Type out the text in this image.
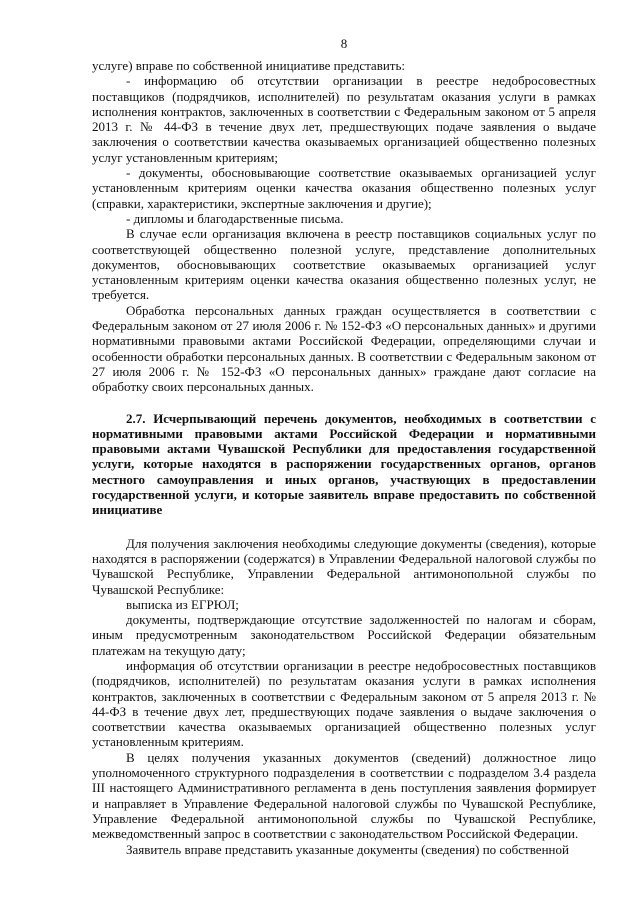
8

услуге) вправе по собственной инициативе представить:

- информацию об отсутствии организации в реестре недобросовестных поставщиков (подрядчиков, исполнителей) по результатам оказания услуги в рамках исполнения контрактов, заключенных в соответствии с Федеральным законом от 5 апреля 2013 г. № 44-ФЗ в течение двух лет, предшествующих подаче заявления о выдаче заключения о соответствии качества оказываемых организацией общественно полезных услуг установленным критериям;

- документы, обосновывающие соответствие оказываемых организацией услуг установленным критериям оценки качества оказания общественно полезных услуг (справки, характеристики, экспертные заключения и другие);

- дипломы и благодарственные письма.

В случае если организация включена в реестр поставщиков социальных услуг по соответствующей общественно полезной услуге, представление дополнительных документов, обосновывающих соответствие оказываемых организацией услуг установленным критериям оценки качества оказания общественно полезных услуг, не требуется.

Обработка персональных данных граждан осуществляется в соответствии с Федеральным законом от 27 июля 2006 г. № 152-ФЗ «О персональных данных» и другими нормативными правовыми актами Российской Федерации, определяющими случаи и особенности обработки персональных данных. В соответствии с Федеральным законом от 27 июля 2006 г. № 152-ФЗ «О персональных данных» граждане дают согласие на обработку своих персональных данных.

2.7. Исчерпывающий перечень документов, необходимых в соответствии с нормативными правовыми актами Российской Федерации и нормативными правовыми актами Чувашской Республики для предоставления государственной услуги, которые находятся в распоряжении государственных органов, органов местного самоуправления и иных органов, участвующих в предоставлении государственной услуги, и которые заявитель вправе предоставить по собственной инициативе

Для получения заключения необходимы следующие документы (сведения), которые находятся в распоряжении (содержатся) в Управлении Федеральной налоговой службы по Чувашской Республике, Управлении Федеральной антимонопольной службы по Чувашской Республике:

выписка из ЕГРЮЛ;

документы, подтверждающие отсутствие задолженностей по налогам и сборам, иным предусмотренным законодательством Российской Федерации обязательным платежам на текущую дату;

информация об отсутствии организации в реестре недобросовестных поставщиков (подрядчиков, исполнителей) по результатам оказания услуги в рамках исполнения контрактов, заключенных в соответствии с Федеральным законом от 5 апреля 2013 г. № 44-ФЗ в течение двух лет, предшествующих подаче заявления о выдаче заключения о соответствии качества оказываемых организацией общественно полезных услуг установленным критериям.

В целях получения указанных документов (сведений) должностное лицо уполномоченного структурного подразделения в соответствии с подразделом 3.4 раздела III настоящего Административного регламента в день поступления заявления формирует и направляет в Управление Федеральной налоговой службы по Чувашской Республике, Управление Федеральной антимонопольной службы по Чувашской Республике, межведомственный запрос в соответствии с законодательством Российской Федерации.

Заявитель вправе представить указанные документы (сведения) по собственной
